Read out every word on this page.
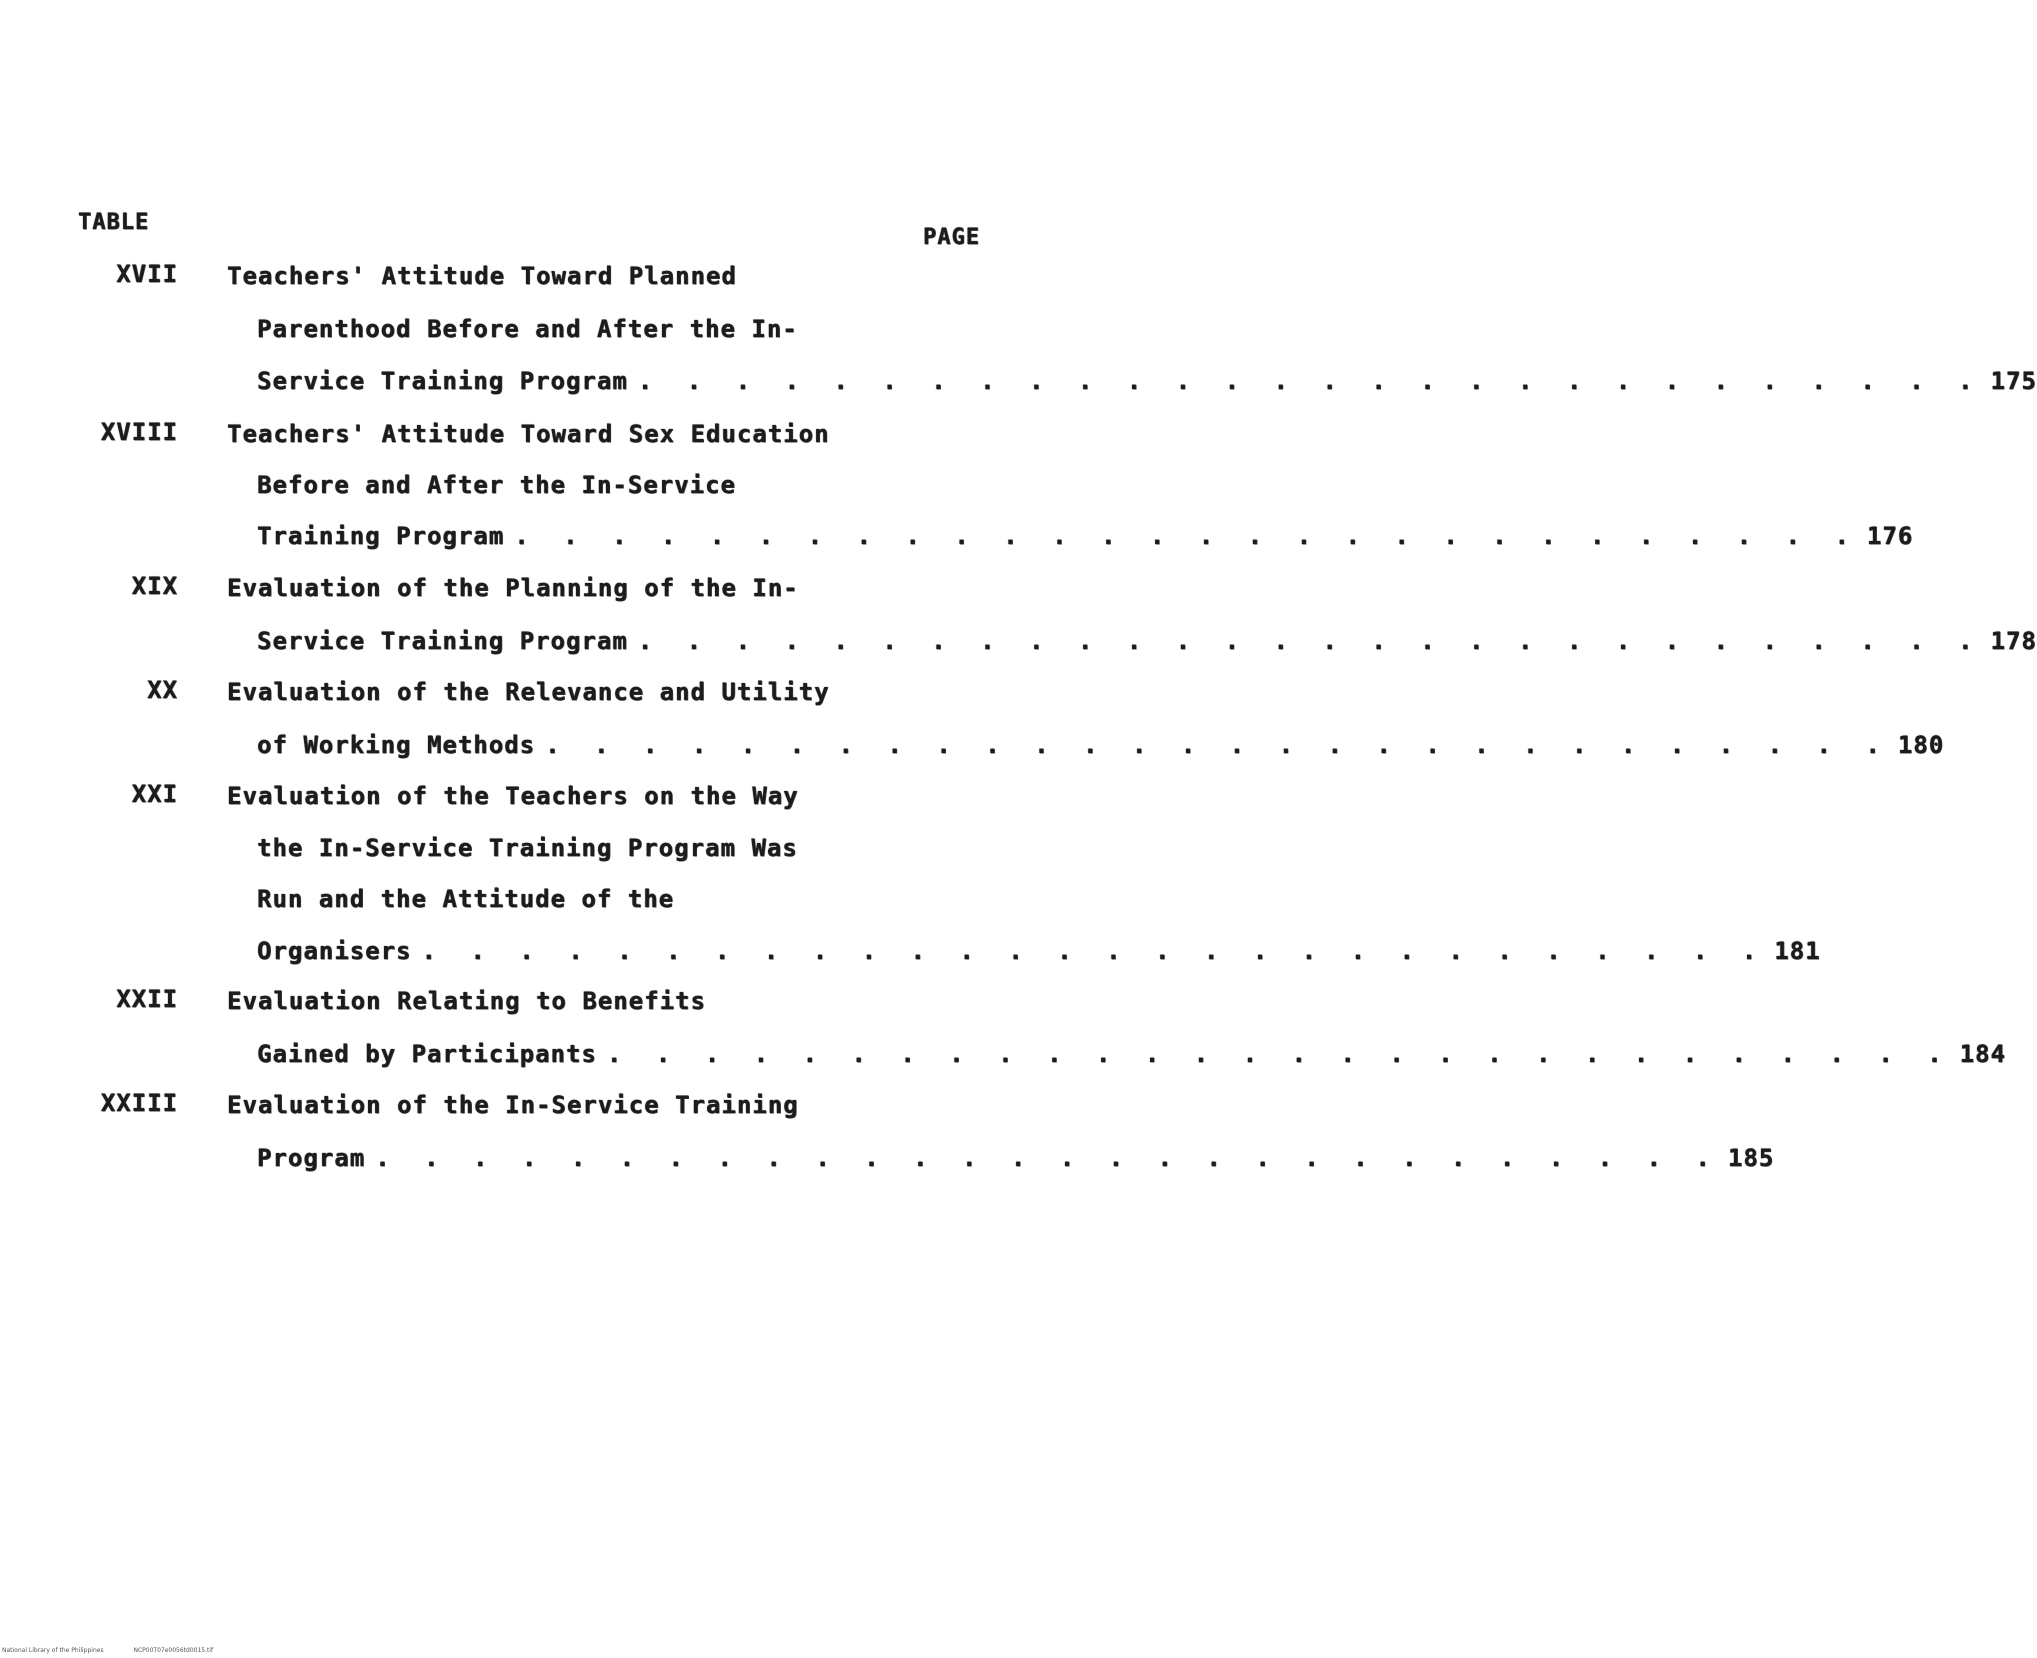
TABLE
PAGE
XVII Teachers' Attitude Toward Planned
Parenthood Before and After the In-
Service Training Program . . . . . . . . . . . . . . . . . . . . . . . . . . . . 175
XVIII Teachers' Attitude Toward Sex Education
Before and After the In-Service
Training Program . . . . . . . . . . . . . . . . . . . . . . . . . . . . 176
XIX Evaluation of the Planning of the In-
Service Training Program . . . . . . . . . . . . . . . . . . . . . . . . . . . . 178
XX Evaluation of the Relevance and Utility
of Working Methods . . . . . . . . . . . . . . . . . . . . . . . . . . . . 180
XXI Evaluation of the Teachers on the Way
the In-Service Training Program Was
Run and the Attitude of the
Organisers . . . . . . . . . . . . . . . . . . . . . . . . . . . . 181
XXII Evaluation Relating to Benefits
Gained by Participants . . . . . . . . . . . . . . . . . . . . . . . . . . . . 184
XXIII Evaluation of the In-Service Training
Program . . . . . . . . . . . . . . . . . . . . . . . . . . . . 185
National Library of the Philippines	NCP00T07e0056td0015.tif
